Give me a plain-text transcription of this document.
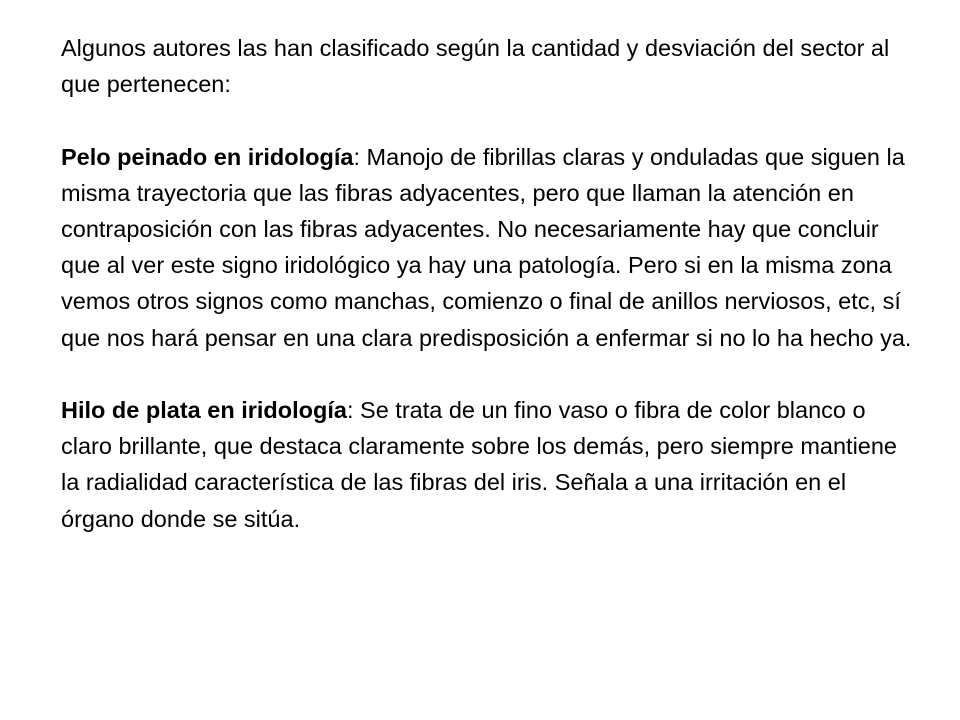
Algunos autores las han clasificado según la cantidad y desviación del sector al que pertenecen:

Pelo peinado en iridología: Manojo de fibrillas claras y onduladas que siguen la misma trayectoria que las fibras adyacentes, pero que llaman la atención en contraposición con las fibras adyacentes. No necesariamente hay que concluir que al ver este signo iridológico ya hay una patología. Pero si en la misma zona vemos otros signos como manchas, comienzo o final de anillos nerviosos, etc, sí que nos hará pensar en una clara predisposición a enfermar si no lo ha hecho ya.

Hilo de plata en iridología: Se trata de un fino vaso o fibra de color blanco o claro brillante, que destaca claramente sobre los demás, pero siempre mantiene la radialidad característica de las fibras del iris. Señala a una irritación en el órgano donde se sitúa.
